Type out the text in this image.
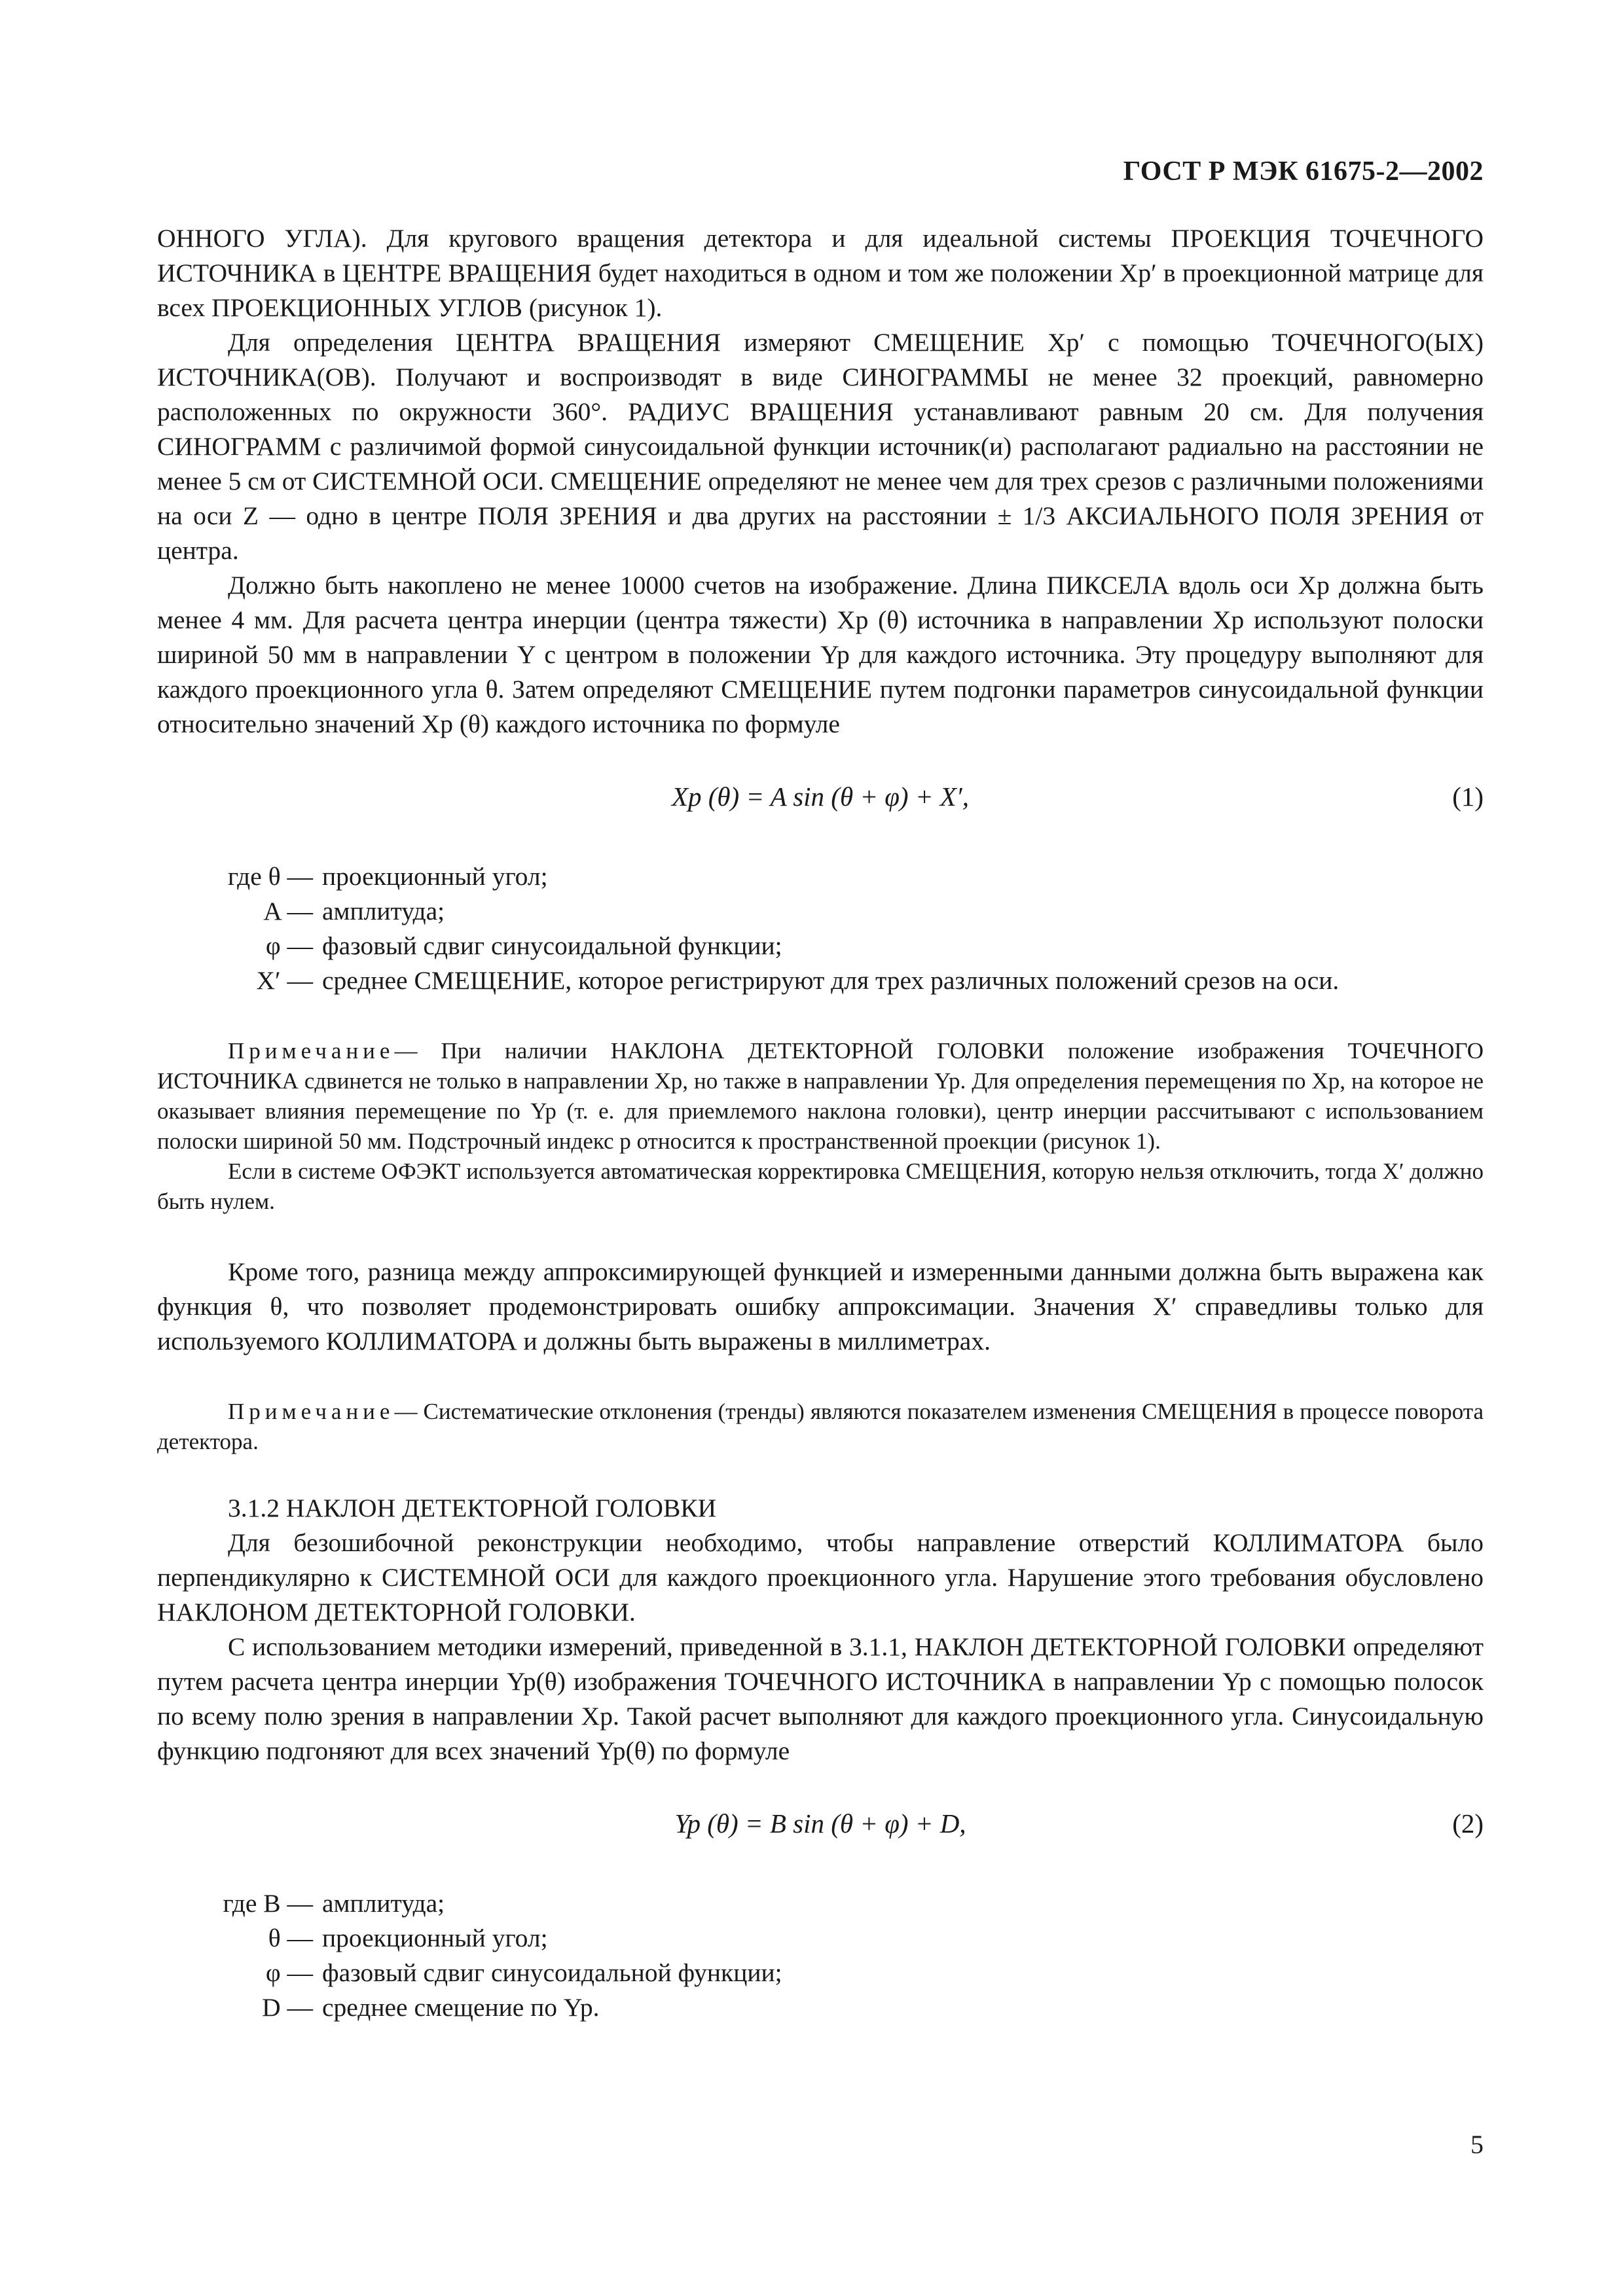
ГОСТ Р МЭК 61675-2—2002

ОННОГО УГЛА). Для кругового вращения детектора и для идеальной системы ПРОЕКЦИЯ ТОЧЕЧНОГО ИСТОЧНИКА в ЦЕНТРЕ ВРАЩЕНИЯ будет находиться в одном и том же положении Xp′ в проекционной матрице для всех ПРОЕКЦИОННЫХ УГЛОВ (рисунок 1).

Для определения ЦЕНТРА ВРАЩЕНИЯ измеряют СМЕЩЕНИЕ Xp′ с помощью ТОЧЕЧНОГО(ЫХ) ИСТОЧНИКА(ОВ). Получают и воспроизводят в виде СИНОГРАММЫ не менее 32 проекций, равномерно расположенных по окружности 360°. РАДИУС ВРАЩЕНИЯ устанавливают равным 20 см. Для получения СИНОГРАММ с различимой формой синусоидальной функции источник(и) располагают радиально на расстоянии не менее 5 см от СИСТЕМНОЙ ОСИ. СМЕЩЕНИЕ определяют не менее чем для трех срезов с различными положениями на оси Z — одно в центре ПОЛЯ ЗРЕНИЯ и два других на расстоянии ± 1/3 АКСИАЛЬНОГО ПОЛЯ ЗРЕНИЯ от центра.

Должно быть накоплено не менее 10000 счетов на изображение. Длина ПИКСЕЛА вдоль оси Xp должна быть менее 4 мм. Для расчета центра инерции (центра тяжести) Xp (θ) источника в направлении Xp используют полоски шириной 50 мм в направлении Y с центром в положении Yp для каждого источника. Эту процедуру выполняют для каждого проекционного угла θ. Затем определяют СМЕЩЕНИЕ путем подгонки параметров синусоидальной функции относительно значений Xp (θ) каждого источника по формуле

Xp (θ) = A sin (θ + φ) + X′,	(1)
где θ — проекционный угол;
A — амплитуда;
φ — фазовый сдвиг синусоидальной функции;
X′ — среднее СМЕЩЕНИЕ, которое регистрируют для трех различных положений срезов на оси.

Примечание— При наличии НАКЛОНА ДЕТЕКТОРНОЙ ГОЛОВКИ положение изображения ТОЧЕЧНОГО ИСТОЧНИКА сдвинется не только в направлении Xp, но также в направлении Yp. Для определения перемещения по Xp, на которое не оказывает влияния перемещение по Yp (т. е. для приемлемого наклона головки), центр инерции рассчитывают с использованием полоски шириной 50 мм. Подстрочный индекс p относится к пространственной проекции (рисунок 1).

Если в системе ОФЭКТ используется автоматическая корректировка СМЕЩЕНИЯ, которую нельзя отключить, тогда X′ должно быть нулем.

Кроме того, разница между аппроксимирующей функцией и измеренными данными должна быть выражена как функция θ, что позволяет продемонстрировать ошибку аппроксимации. Значения X′ справедливы только для используемого КОЛЛИМАТОРА и должны быть выражены в миллиметрах.

Примечание— Систематические отклонения (тренды) являются показателем изменения СМЕЩЕНИЯ в процессе поворота детектора.

3.1.2 НАКЛОН ДЕТЕКТОРНОЙ ГОЛОВКИ

Для безошибочной реконструкции необходимо, чтобы направление отверстий КОЛЛИМАТОРА было перпендикулярно к СИСТЕМНОЙ ОСИ для каждого проекционного угла. Нарушение этого требования обусловлено НАКЛОНОМ ДЕТЕКТОРНОЙ ГОЛОВКИ.

С использованием методики измерений, приведенной в 3.1.1, НАКЛОН ДЕТЕКТОРНОЙ ГОЛОВКИ определяют путем расчета центра инерции Yp(θ) изображения ТОЧЕЧНОГО ИСТОЧНИКА в направлении Yp с помощью полосок по всему полю зрения в направлении Xp. Такой расчет выполняют для каждого проекционного угла. Синусоидальную функцию подгоняют для всех значений Yp(θ) по формуле

Yp (θ) = B sin (θ + φ) + D,	(2)
где B — амплитуда;
θ — проекционный угол;
φ — фазовый сдвиг синусоидальной функции;
D — среднее смещение по Yp.
5
